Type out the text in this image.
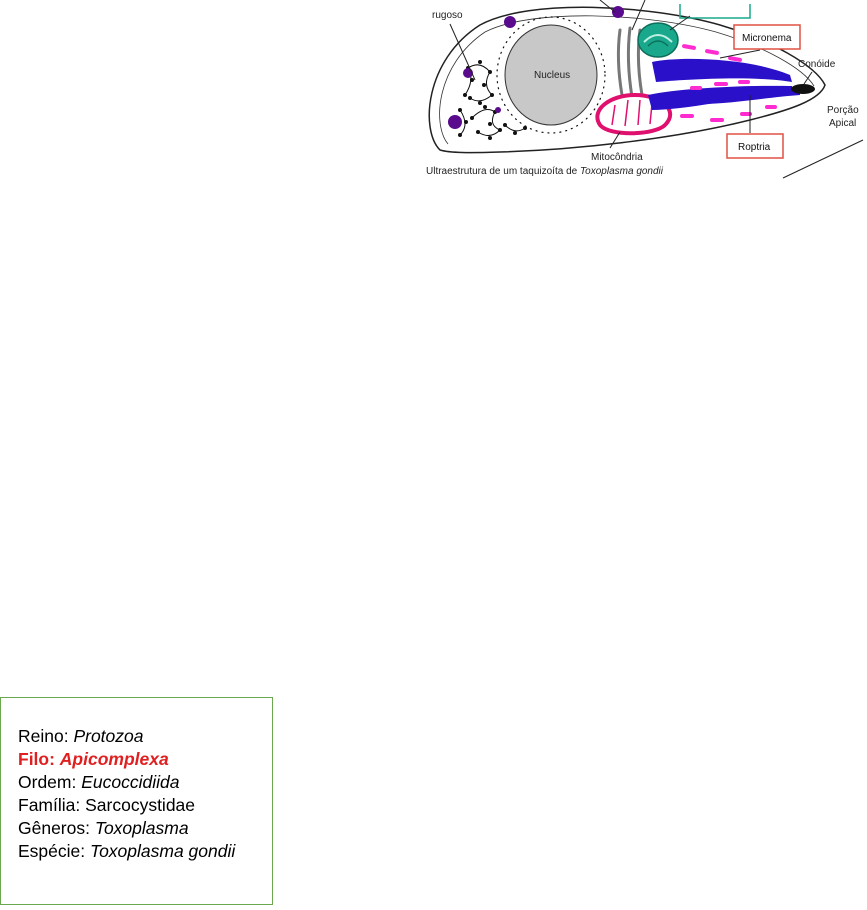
Nucleus
rugoso
Micronema
Conóide
Porção
Apical
Roptria
Mitocôndria
Ultraestrutura de um taquizoíta de Toxoplasma gondii
Reino: Protozoa
Filo: Apicomplexa
Ordem: Eucoccidiida
Família: Sarcocystidae
Gêneros: Toxoplasma
Espécie: Toxoplasma gondii
